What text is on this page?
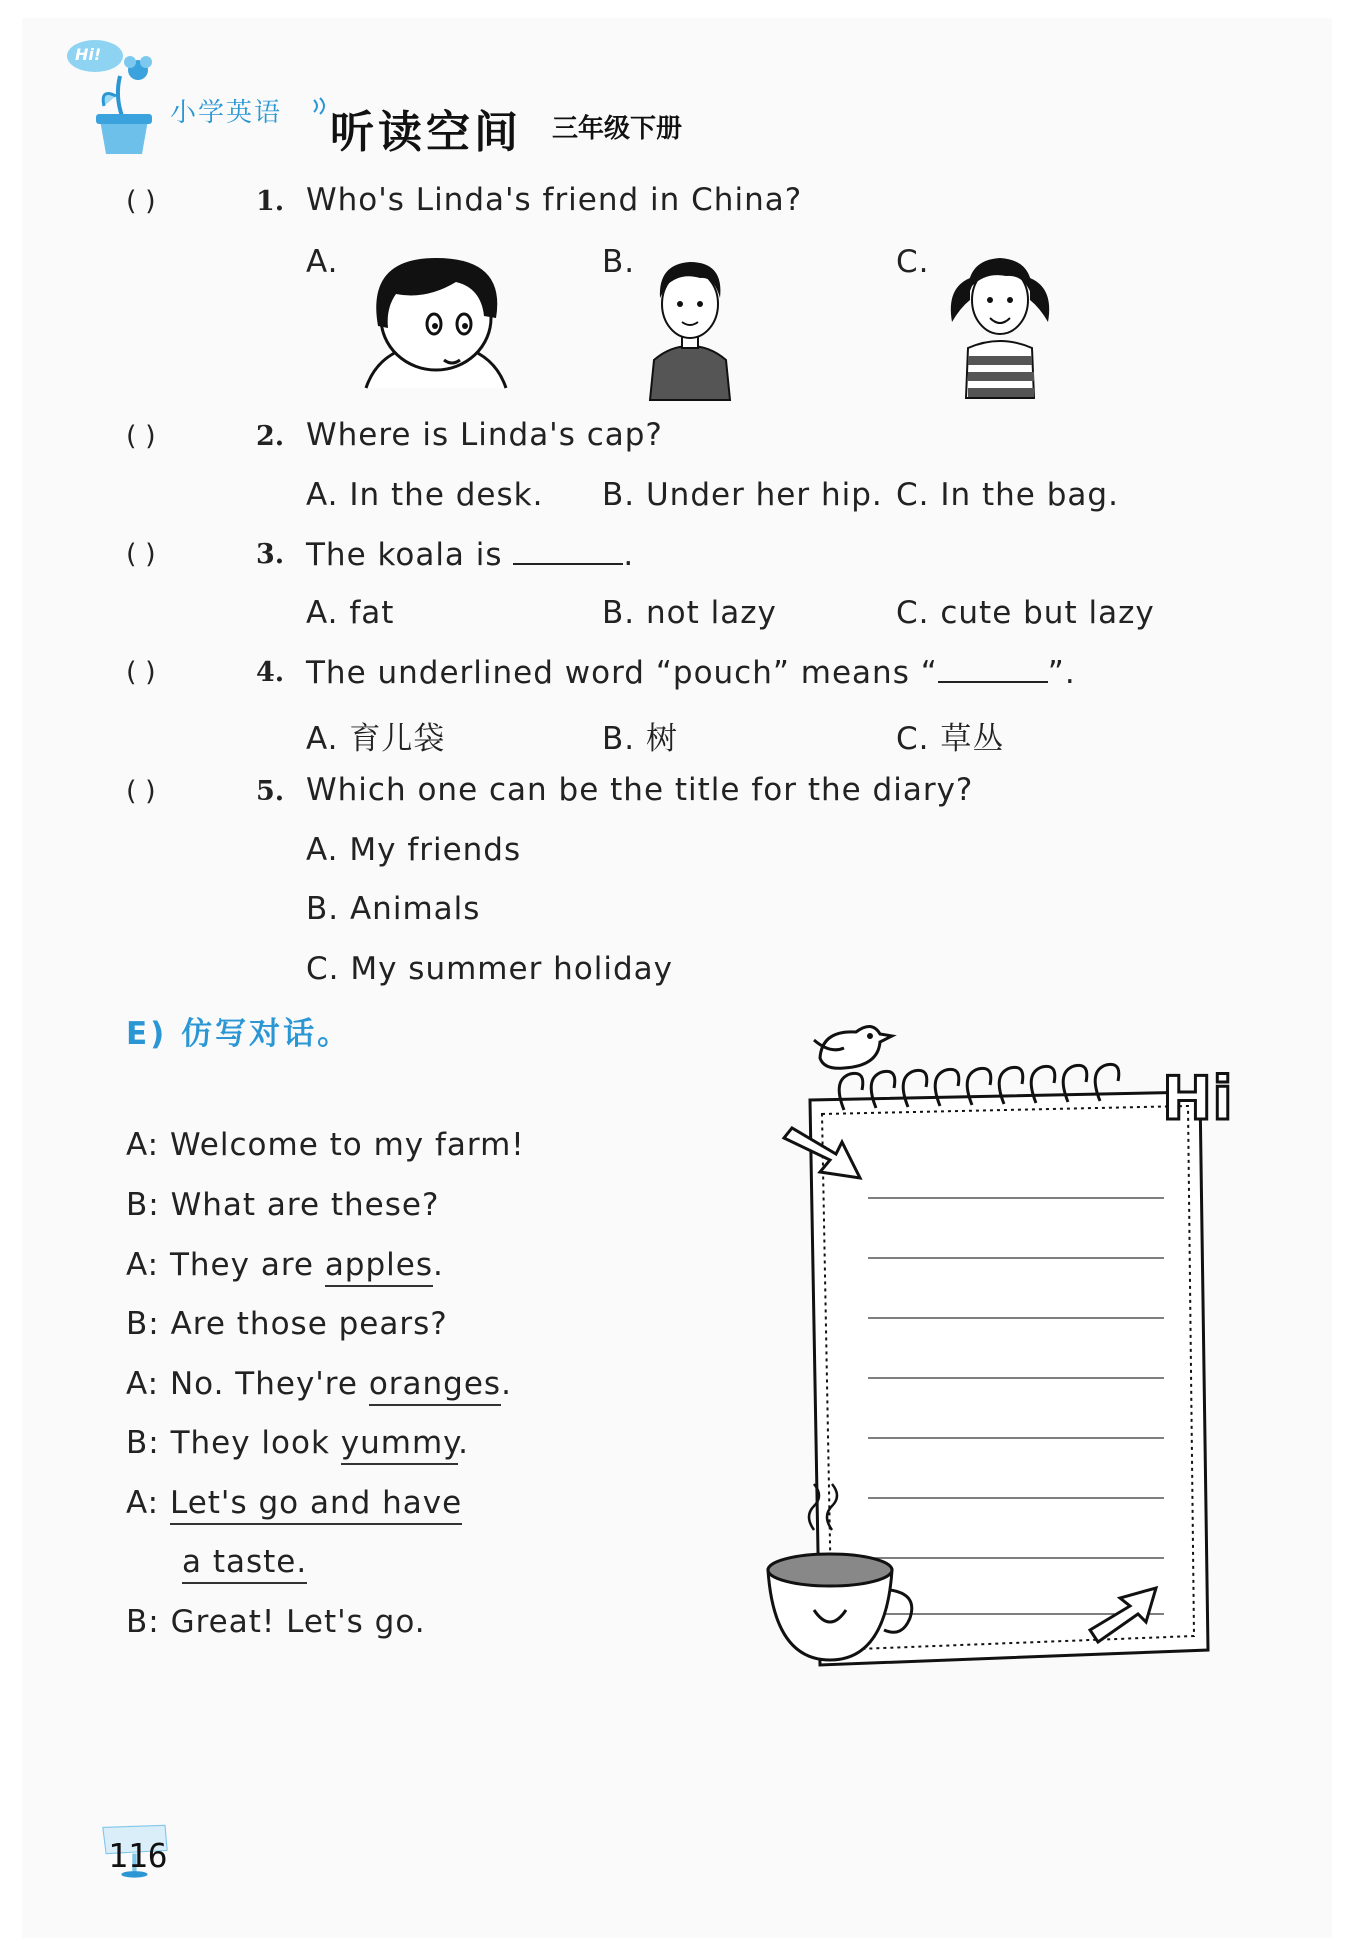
Hi!
小学英语 听读空间 三年级下册
( )	1. Who's Linda's friend in China?
A.	B.	C.
( )	2. Where is Linda's cap?
A. In the desk. B. Under her hip. C. In the bag.
( )	3. The koala is	.
A. fat	B. not lazy	C. cute but lazy
( )	4. The underlined word “pouch” means “	”.
A. 育儿袋	B. 树	C. 草丛
( )	5. Which one can be the title for the diary?
A. My friends
B. Animals
C. My summer holiday
E) 仿写对话。
A: Welcome to my farm!
B: What are these?
A: They are apples.
B: Are those pears?
A: No. They're oranges.
B: They look yummy.
A: Let's go and have
a taste.
B: Great! Let's go.
Hi
116
